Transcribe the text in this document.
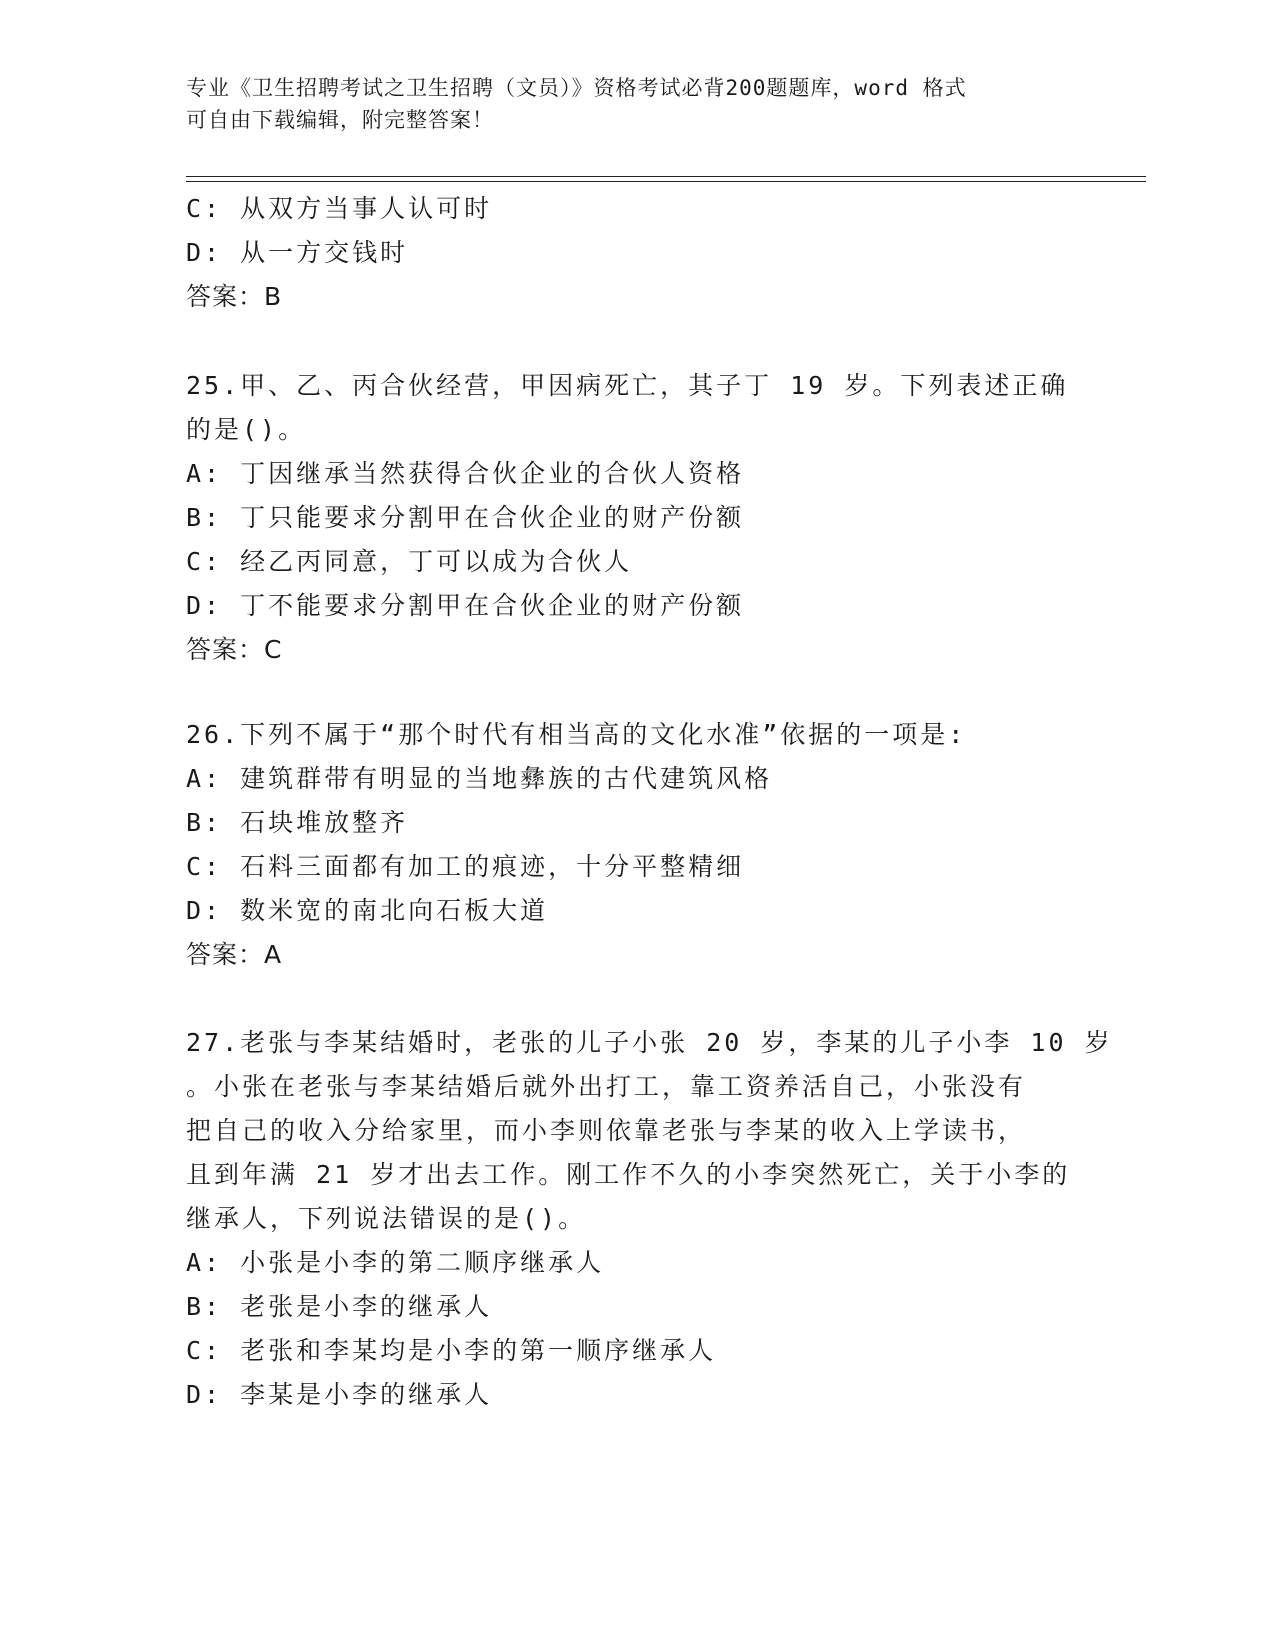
专业《卫生招聘考试之卫生招聘（文员）》资格考试必背200题题库，word 格式
可自由下载编辑，附完整答案！
C: 从双方当事人认可时
D: 从一方交钱时
答案：B
25.甲、乙、丙合伙经营，甲因病死亡，其子丁 19 岁。下列表述正确
的是()。
A: 丁因继承当然获得合伙企业的合伙人资格
B: 丁只能要求分割甲在合伙企业的财产份额
C: 经乙丙同意，丁可以成为合伙人
D: 丁不能要求分割甲在合伙企业的财产份额
答案：C
26.下列不属于“那个时代有相当高的文化水准”依据的一项是:
A: 建筑群带有明显的当地彝族的古代建筑风格
B: 石块堆放整齐
C: 石料三面都有加工的痕迹，十分平整精细
D: 数米宽的南北向石板大道
答案：A
27.老张与李某结婚时，老张的儿子小张 20 岁，李某的儿子小李 10 岁
。小张在老张与李某结婚后就外出打工，靠工资养活自己，小张没有
把自己的收入分给家里，而小李则依靠老张与李某的收入上学读书，
且到年满 21 岁才出去工作。刚工作不久的小李突然死亡，关于小李的
继承人，下列说法错误的是()。
A: 小张是小李的第二顺序继承人
B: 老张是小李的继承人
C: 老张和李某均是小李的第一顺序继承人
D: 李某是小李的继承人
